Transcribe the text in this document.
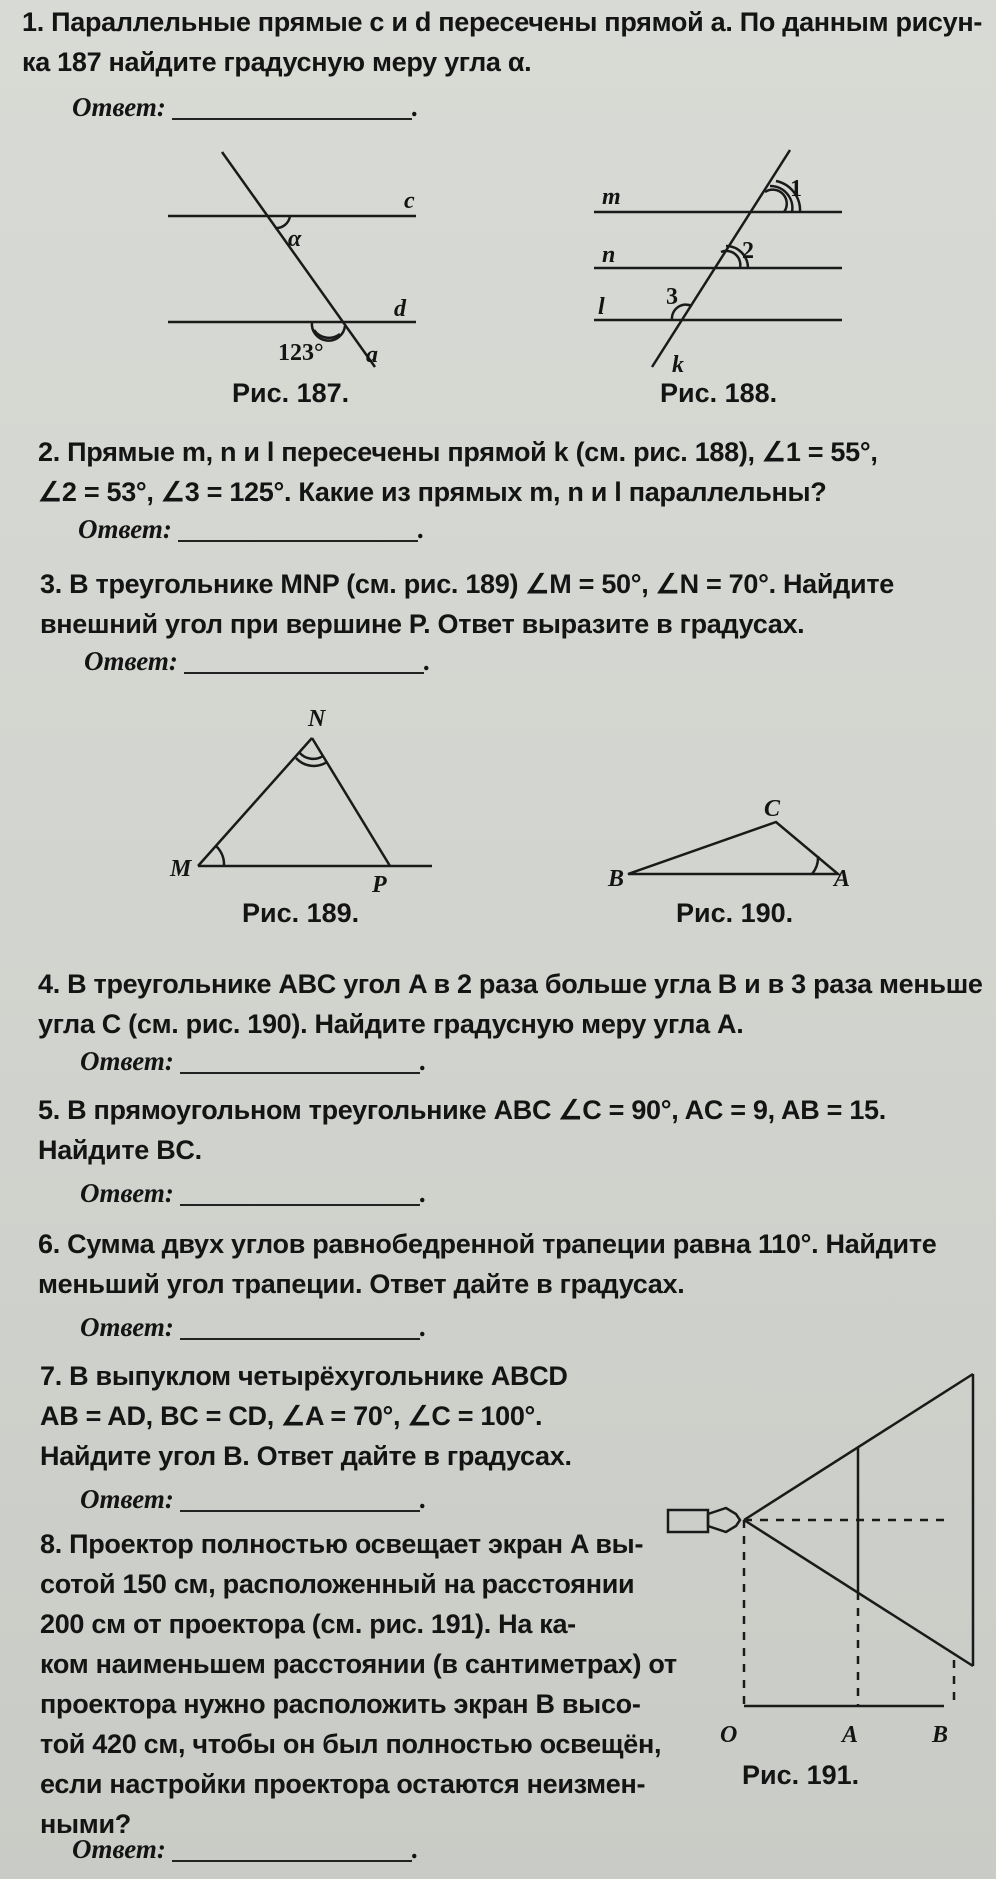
1. Параллельные прямые c и d пересечены прямой a. По данным рисун-
ка 187 найдите градусную меру угла α.
Ответ:	.
c
d
a
α
123°
m
n
l
k
1
2
3
N
M
P
C
B	A
O	A	B
Рис. 187.	Рис. 188.
2. Прямые m, n и l пересечены прямой k (см. рис. 188), ∠1 = 55°,
∠2 = 53°, ∠3 = 125°. Какие из прямых m, n и l параллельны?
Ответ:	.
3. В треугольнике MNP (см. рис. 189) ∠M = 50°, ∠N = 70°. Найдите
внешний угол при вершине P. Ответ выразите в градусах.
Ответ:	.
Рис. 189.	Рис. 190.
4. В треугольнике ABC угол A в 2 раза больше угла B и в 3 раза меньше
угла C (см. рис. 190). Найдите градусную меру угла A.
Ответ:	.
5. В прямоугольном треугольнике ABC ∠C = 90°, AC = 9, AB = 15.
Найдите BC.
Ответ:	.
6. Сумма двух углов равнобедренной трапеции равна 110°. Найдите
меньший угол трапеции. Ответ дайте в градусах.
Ответ:	.
7. В выпуклом четырёхугольнике ABCD
AB = AD, BC = CD, ∠A = 70°, ∠C = 100°.
Найдите угол B. Ответ дайте в градусах.
Ответ:	.
8. Проектор полностью освещает экран A вы-
сотой 150 см, расположенный на расстоянии
200 см от проектора (см. рис. 191). На ка-
ком наименьшем расстоянии (в сантиметрах) от
проектора нужно расположить экран B высо-
той 420 см, чтобы он был полностью освещён,
если настройки проектора остаются неизмен-
ными?
Рис. 191.
Ответ:	.
